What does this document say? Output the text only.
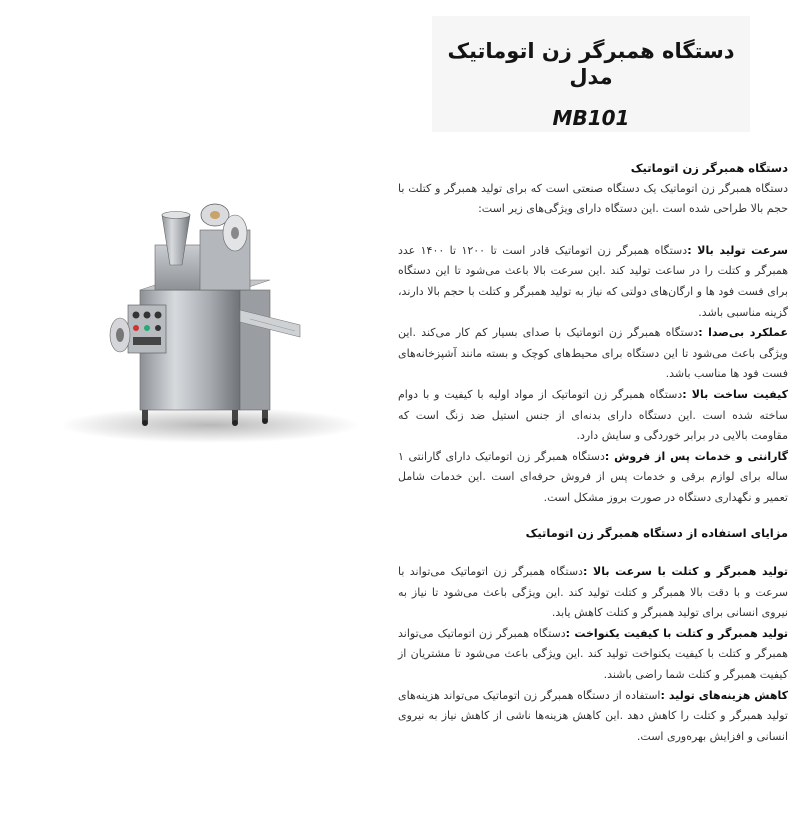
دستگاه همبرگر زن اتوماتیک مدل
MB101

دستگاه همبرگر زن اتوماتیک

دستگاه همبرگر زن اتوماتیک یک دستگاه صنعتی است که برای تولید همبرگر و کتلت با حجم بالا طراحی شده است .این دستگاه دارای ویژگی‌های زیر است:

سرعت تولید بالا :دستگاه همبرگر زن اتوماتیک قادر است تا ۱۲۰۰ تا ۱۴۰۰ عدد همبرگر و کتلت را در ساعت تولید کند .این سرعت بالا باعث می‌شود تا این دستگاه برای فست فود ها و ارگان‌های دولتی که نیاز به تولید همبرگر و کتلت با حجم بالا دارند، گزینه مناسبی باشد.

عملکرد بی‌صدا :دستگاه همبرگر زن اتوماتیک با صدای بسیار کم کار می‌کند .این ویژگی باعث می‌شود تا این دستگاه برای محیط‌های کوچک و بسته مانند آشپزخانه‌های فست فود ها مناسب باشد.

کیفیت ساخت بالا :دستگاه همبرگر زن اتوماتیک از مواد اولیه با کیفیت و با دوام ساخته شده است .این دستگاه دارای بدنه‌ای از جنس استیل ضد زنگ است که مقاومت بالایی در برابر خوردگی و سایش دارد.

گارانتی و خدمات پس از فروش :دستگاه همبرگر زن اتوماتیک دارای گارانتی ۱ ساله برای لوازم برقی و خدمات پس از فروش حرفه‌ای است .این خدمات شامل تعمیر و نگهداری دستگاه در صورت بروز مشکل است.

مزایای استفاده از دستگاه همبرگر زن اتوماتیک

تولید همبرگر و کتلت با سرعت بالا :دستگاه همبرگر زن اتوماتیک می‌تواند با سرعت و با دقت بالا همبرگر و کتلت تولید کند .این ویژگی باعث می‌شود تا نیاز به نیروی انسانی برای تولید همبرگر و کتلت کاهش یابد.

تولید همبرگر و کتلت با کیفیت یکنواخت :دستگاه همبرگر زن اتوماتیک می‌تواند همبرگر و کتلت با کیفیت یکنواخت تولید کند .این ویژگی باعث می‌شود تا مشتریان از کیفیت همبرگر و کتلت شما راضی باشند.

کاهش هزینه‌های تولید :استفاده از دستگاه همبرگر زن اتوماتیک می‌تواند هزینه‌های تولید همبرگر و کتلت را کاهش دهد .این کاهش هزینه‌ها ناشی از کاهش نیاز به نیروی انسانی و افزایش بهره‌وری است.
